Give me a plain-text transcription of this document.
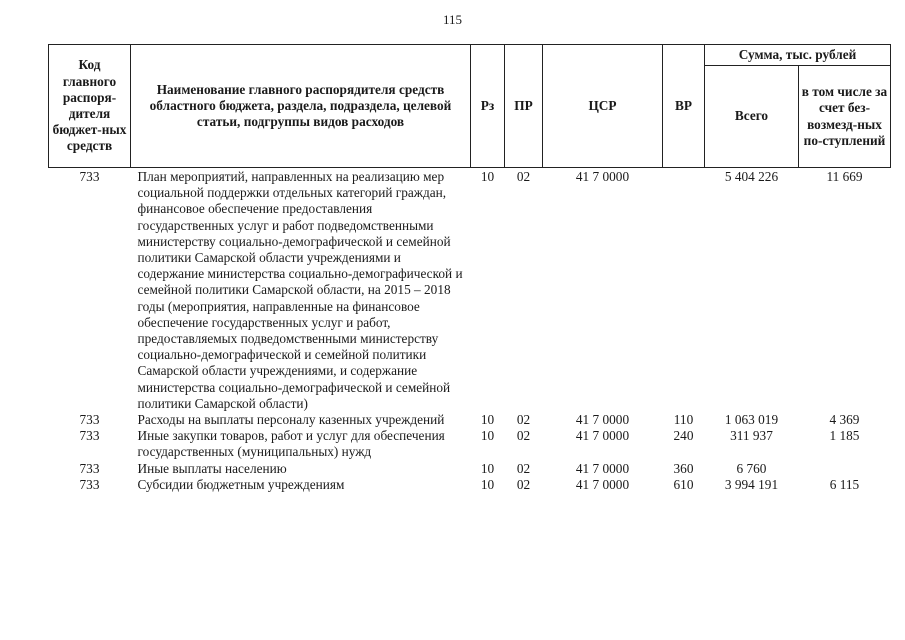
115
Код главного распоря-дителя бюджет-ных средств	Наименование главного распорядителя средств областного бюджета, раздела, подраздела, целевой статьи, подгруппы видов расходов	Рз	ПР	ЦСР	ВР	Сумма, тыс. рублей	
						Всего	в том числе за счет без-возмезд-ных по-ступлений
733	План мероприятий, направленных на реализацию мер социальной поддержки отдельных категорий граждан, финансовое обеспечение предоставления государственных услуг и работ подведомственными министерству социально-демографической и семейной политики Самарской области учреждениями и содержание министерства социально-демографической и семейной политики Самарской области, на 2015 – 2018 годы (мероприятия, направленные на финансовое обеспечение государственных услуг и работ, предоставляемых подведомственными министерству социально-демографической и семейной политики Самарской области учреждениями, и содержание министерства социально-демографической и семейной политики Самарской области)	10	02	41 7 0000		5 404 226	11 669
733	Расходы на выплаты персоналу казенных учреждений	10	02	41 7 0000	110	1 063 019	4 369
733	Иные закупки товаров, работ и услуг для обеспечения государственных (муниципальных) нужд	10	02	41 7 0000	240	311 937	1 185
733	Иные выплаты населению	10	02	41 7 0000	360	6 760	
733	Субсидии бюджетным учреждениям	10	02	41 7 0000	610	3 994 191	6 115
